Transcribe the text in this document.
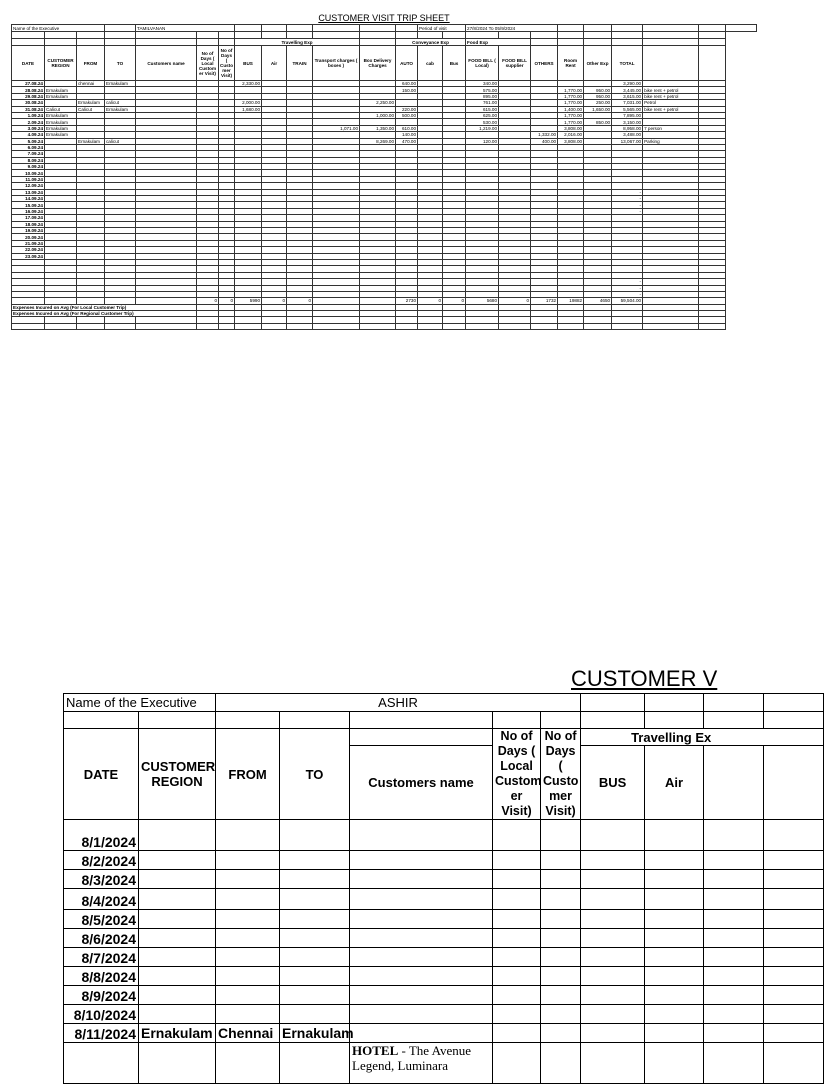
CUSTOMER VISIT TRIP SHEET
Name of the Executive				TAMILVANAN									Period of visit		27/8/2024 To 05/9/2024								

							Travelling Exp					Conveyance Exp			Food Exp								
DATE	CUSTOMER REGION	FROM	TO	Customers name	No of Days ( Local Custom er Visit)	No of Days ( Custo mer Visit)	BUS	Air	TRAIN	Transport charges ( boxes )	Box Delivery Charges	AUTO	cab	Bus	FOOD BILL ( Local)	FOOD BILL supplier	OTHERS	Room Rent	Other Exp	TOTAL			
27.08.24		chennai	Ernakulam				2,330.00					640.00			340.00					3,290.00			
28.08.24	Ernakulam											150.00			575.00			1,770.00	950.00	3,445.00	bike rent + petrol		
29.08.24	Ernakulam														895.00			1,770.00	950.00	3,615.00	bike rent + petrol		
30.08.24		Ernakulam	calicut				2,000.00				2,250.00				761.00			1,770.00	250.00	7,031.00	Petrol		
31.08.24	Calicut	Calicut	Ernakulam				1,680.00					220.00			615.00			1,400.00	1,650.00	5,565.00	bike rent + petrol		
1.09.24	Ernakulam										1,000.00	500.00			625.00			1,770.00		7,895.00			
2.09.24	Ernakulam														530.00			1,770.00	850.00	3,150.00			
3.09.24	Ernakulam									1,071.00	1,350.00	610.00			1,219.00			3,808.00		8,958.00	7 person		
4.09.24	Ernakulam											140.00					1,332.00	2,016.00		3,488.00			
5.09.24		Ernakulam	calicut								8,269.00	470.00			120.00		400.00	3,808.00		13,067.00	Parking		
6.09.24																							
7.09.24																							
8.09.24																							
9.09.24																							
10.09.24																							
11.09.24																							
12.09.24																							
13.09.24																				-			
14.09.24																				-			
15.09.24																				-			
16.09.24																				-			
17.09.24																							
18.09.24																							
19.09.24																							
20.09.24																							
21.09.24																							
22.09.24																							
23.09.24																							

																				-			
																				-			
																				-			
					0	0	5990	0	0			2730	0	0	5680	0	1732	19882	4650	59,504.00			
Expenses Incured on Avg (For Local Customer Trip)																							
Expenses Incured on Avg (For Regional Customer Trip)																							

CUSTOMER V
Name of the Executive		ASHIR									

DATE	CUSTOMER REGION	FROM	TO		No of Days ( Local Custom er Visit)	No of Days ( Custo mer Visit)	Travelling Ex				
				Customers name			BUS	Air			

8/1/2024											
8/2/2024											
8/3/2024											
8/4/2024											
8/5/2024											
8/6/2024											
8/7/2024											
8/8/2024											
8/9/2024											
8/10/2024											
8/11/2024	Ernakulam	Chennai	Ernakulam								
				HOTEL - The Avenue Legend, Luminara							
